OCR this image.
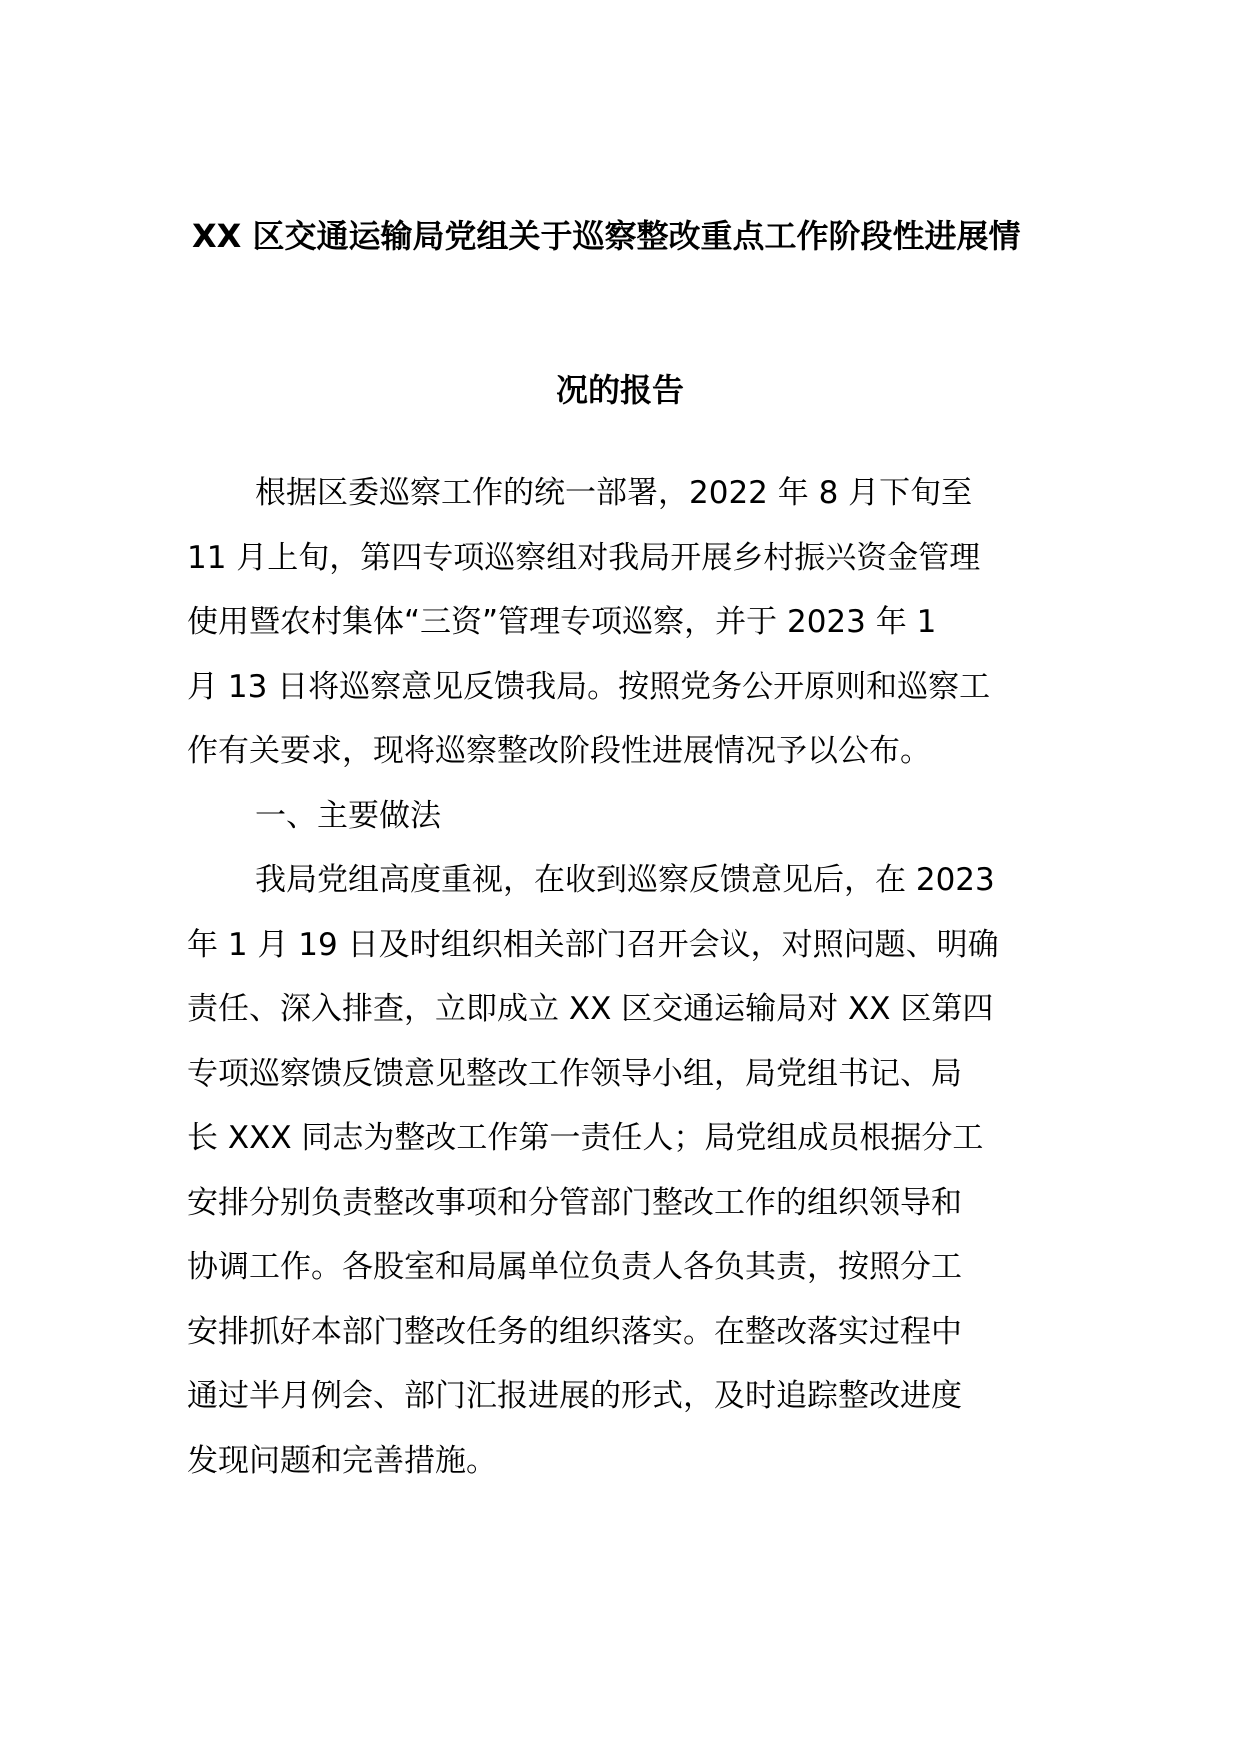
XX 区交通运输局党组关于巡察整改重点工作阶段性进展情
况的报告

根据区委巡察工作的统一部署，2022 年 8 月下旬至
11 月上旬，第四专项巡察组对我局开展乡村振兴资金管理
使用暨农村集体“三资”管理专项巡察，并于 2023 年 1
月 13 日将巡察意见反馈我局。按照党务公开原则和巡察工
作有关要求，现将巡察整改阶段性进展情况予以公布。

一、主要做法

我局党组高度重视，在收到巡察反馈意见后，在 2023
年 1 月 19 日及时组织相关部门召开会议，对照问题、明确
责任、深入排查，立即成立 XX 区交通运输局对 XX 区第四
专项巡察馈反馈意见整改工作领导小组，局党组书记、局
长 XXX 同志为整改工作第一责任人；局党组成员根据分工
安排分别负责整改事项和分管部门整改工作的组织领导和
协调工作。各股室和局属单位负责人各负其责，按照分工
安排抓好本部门整改任务的组织落实。在整改落实过程中
通过半月例会、部门汇报进展的形式，及时追踪整改进度
发现问题和完善措施。
